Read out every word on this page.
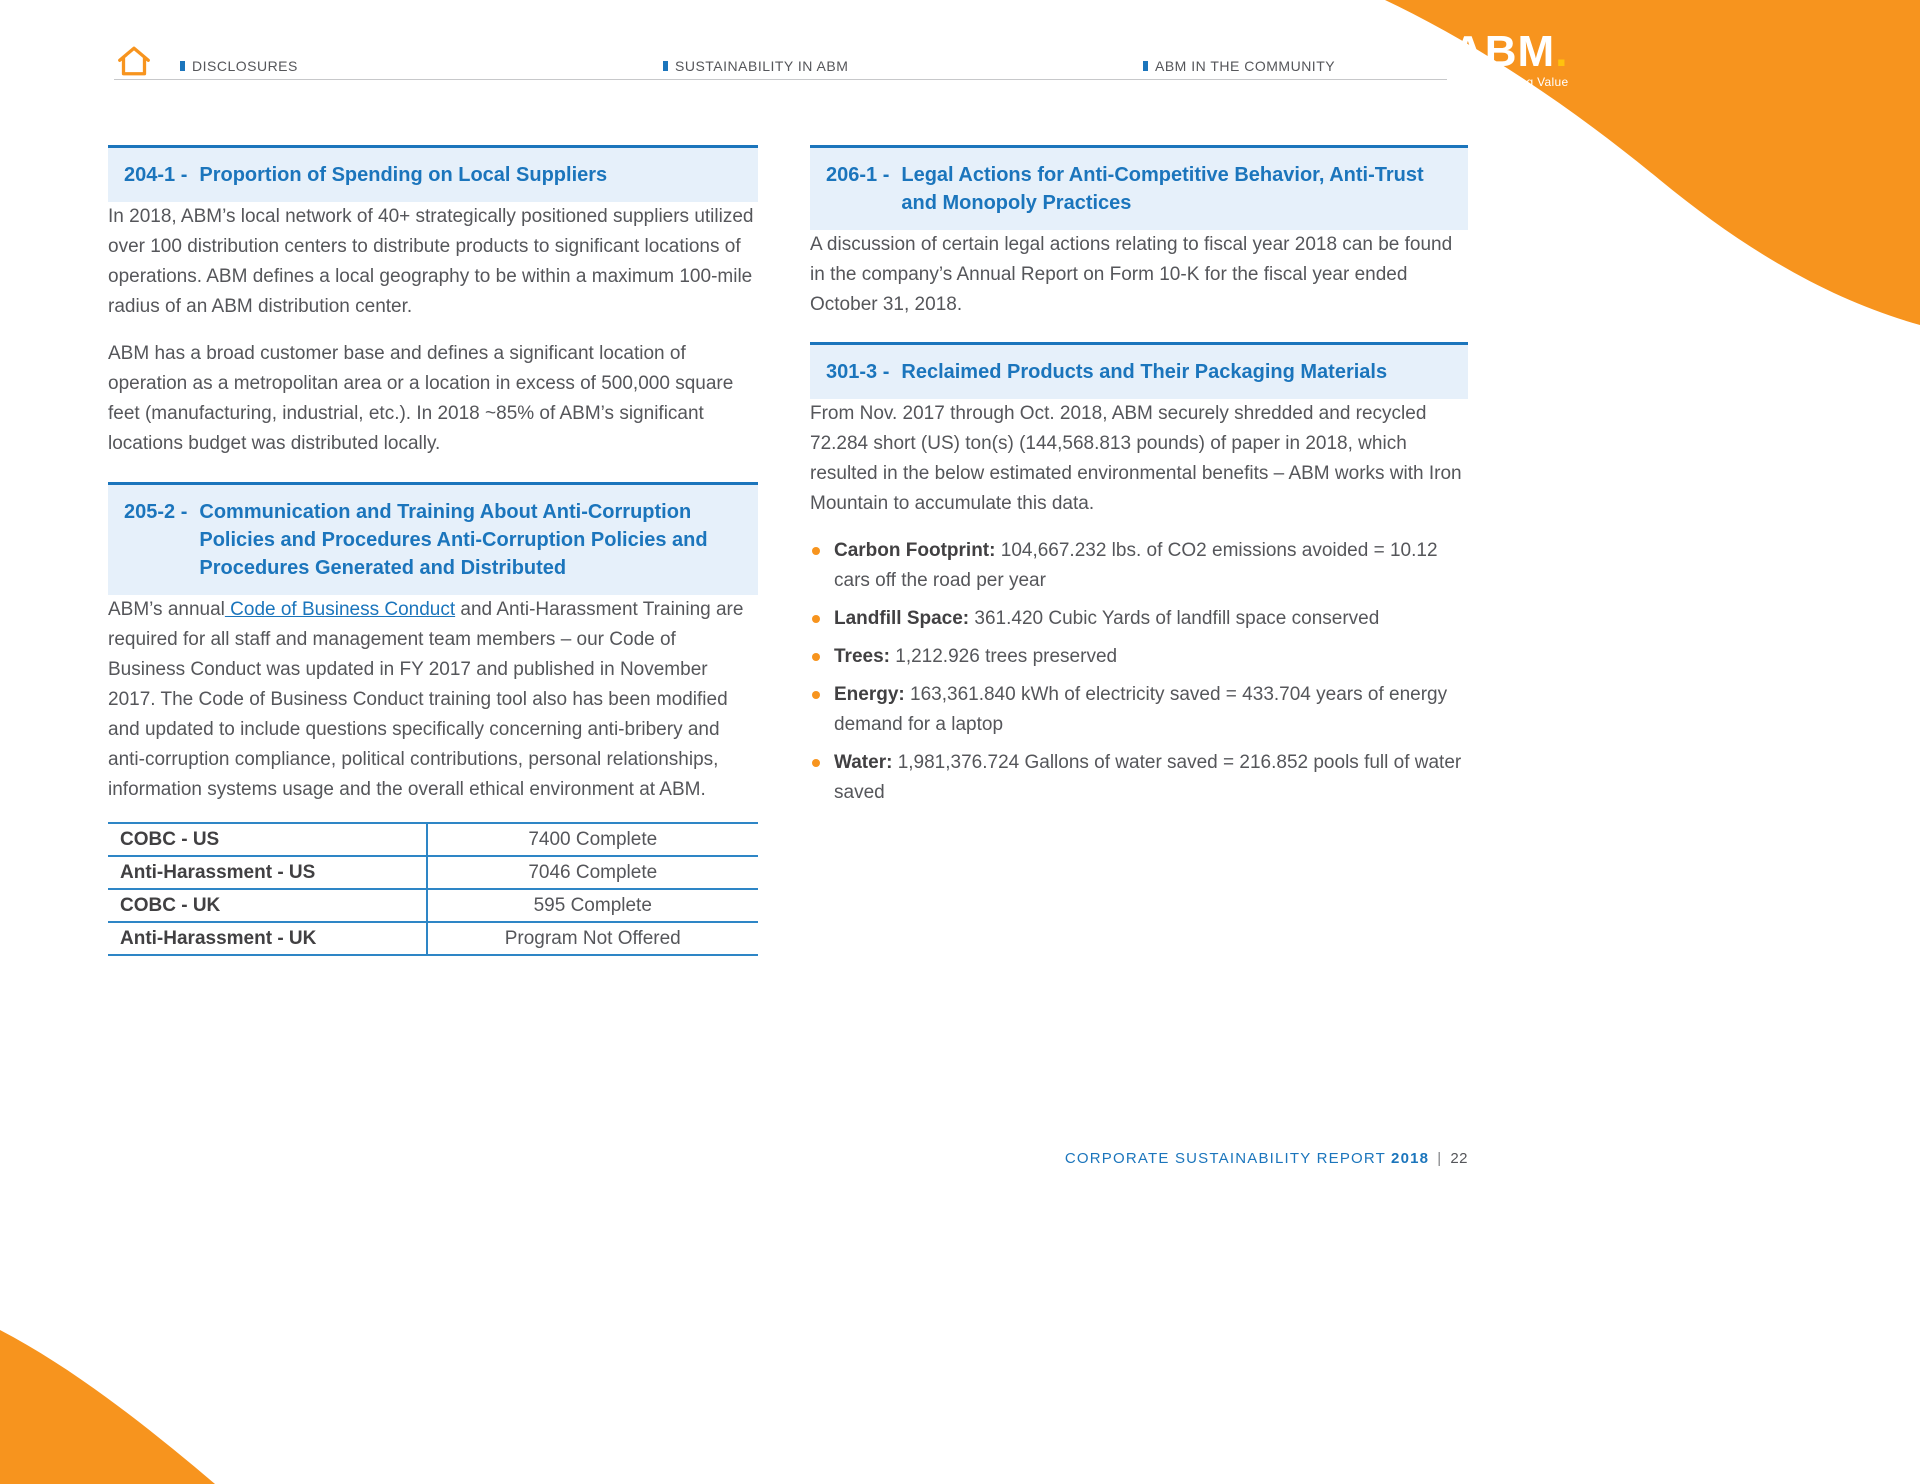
ABM.
Building Value
DISCLOSURES	SUSTAINABILITY IN ABM	ABM IN THE COMMUNITY
204-1 - Proportion of Spending on Local Suppliers

In 2018, ABM’s local network of 40+ strategically positioned suppliers utilized over 100 distribution centers to distribute products to significant locations of operations. ABM defines a local geography to be within a maximum 100-mile radius of an ABM distribution center.

ABM has a broad customer base and defines a significant location of operation as a metropolitan area or a location in excess of 500,000 square feet (manufacturing, industrial, etc.). In 2018 ~85% of ABM’s significant locations budget was distributed locally.

205-2 - Communication and Training About Anti-Corruption Policies and Procedures Anti-Corruption Policies and Procedures Generated and Distributed

ABM’s annual Code of Business Conduct and Anti-Harassment Training are required for all staff and management team members – our Code of Business Conduct was updated in FY 2017 and published in November 2017. The Code of Business Conduct training tool also has been modified and updated to include questions specifically concerning anti-bribery and anti-corruption compliance, political contributions, personal relationships, information systems usage and the overall ethical environment at ABM.

COBC - US	7400 Complete
Anti-Harassment - US	7046 Complete
COBC - UK	595 Complete
Anti-Harassment - UK	Program Not Offered
206-1 - Legal Actions for Anti-Competitive Behavior, Anti-Trust and Monopoly Practices

A discussion of certain legal actions relating to fiscal year 2018 can be found in the company’s Annual Report on Form 10-K for the fiscal year ended October 31, 2018.

301-3 - Reclaimed Products and Their Packaging Materials

From Nov. 2017 through Oct. 2018, ABM securely shredded and recycled 72.284 short (US) ton(s) (144,568.813 pounds) of paper in 2018, which resulted in the below estimated environmental benefits – ABM works with Iron Mountain to accumulate this data.

Carbon Footprint: 104,667.232 lbs. of CO2 emissions avoided = 10.12 cars off the road per year
Landfill Space: 361.420 Cubic Yards of landfill space conserved
Trees: 1,212.926 trees preserved
Energy: 163,361.840 kWh of electricity saved = 433.704 years of energy demand for a laptop
Water: 1,981,376.724 Gallons of water saved = 216.852 pools full of water saved
CORPORATE SUSTAINABILITY REPORT 2018 | 22
